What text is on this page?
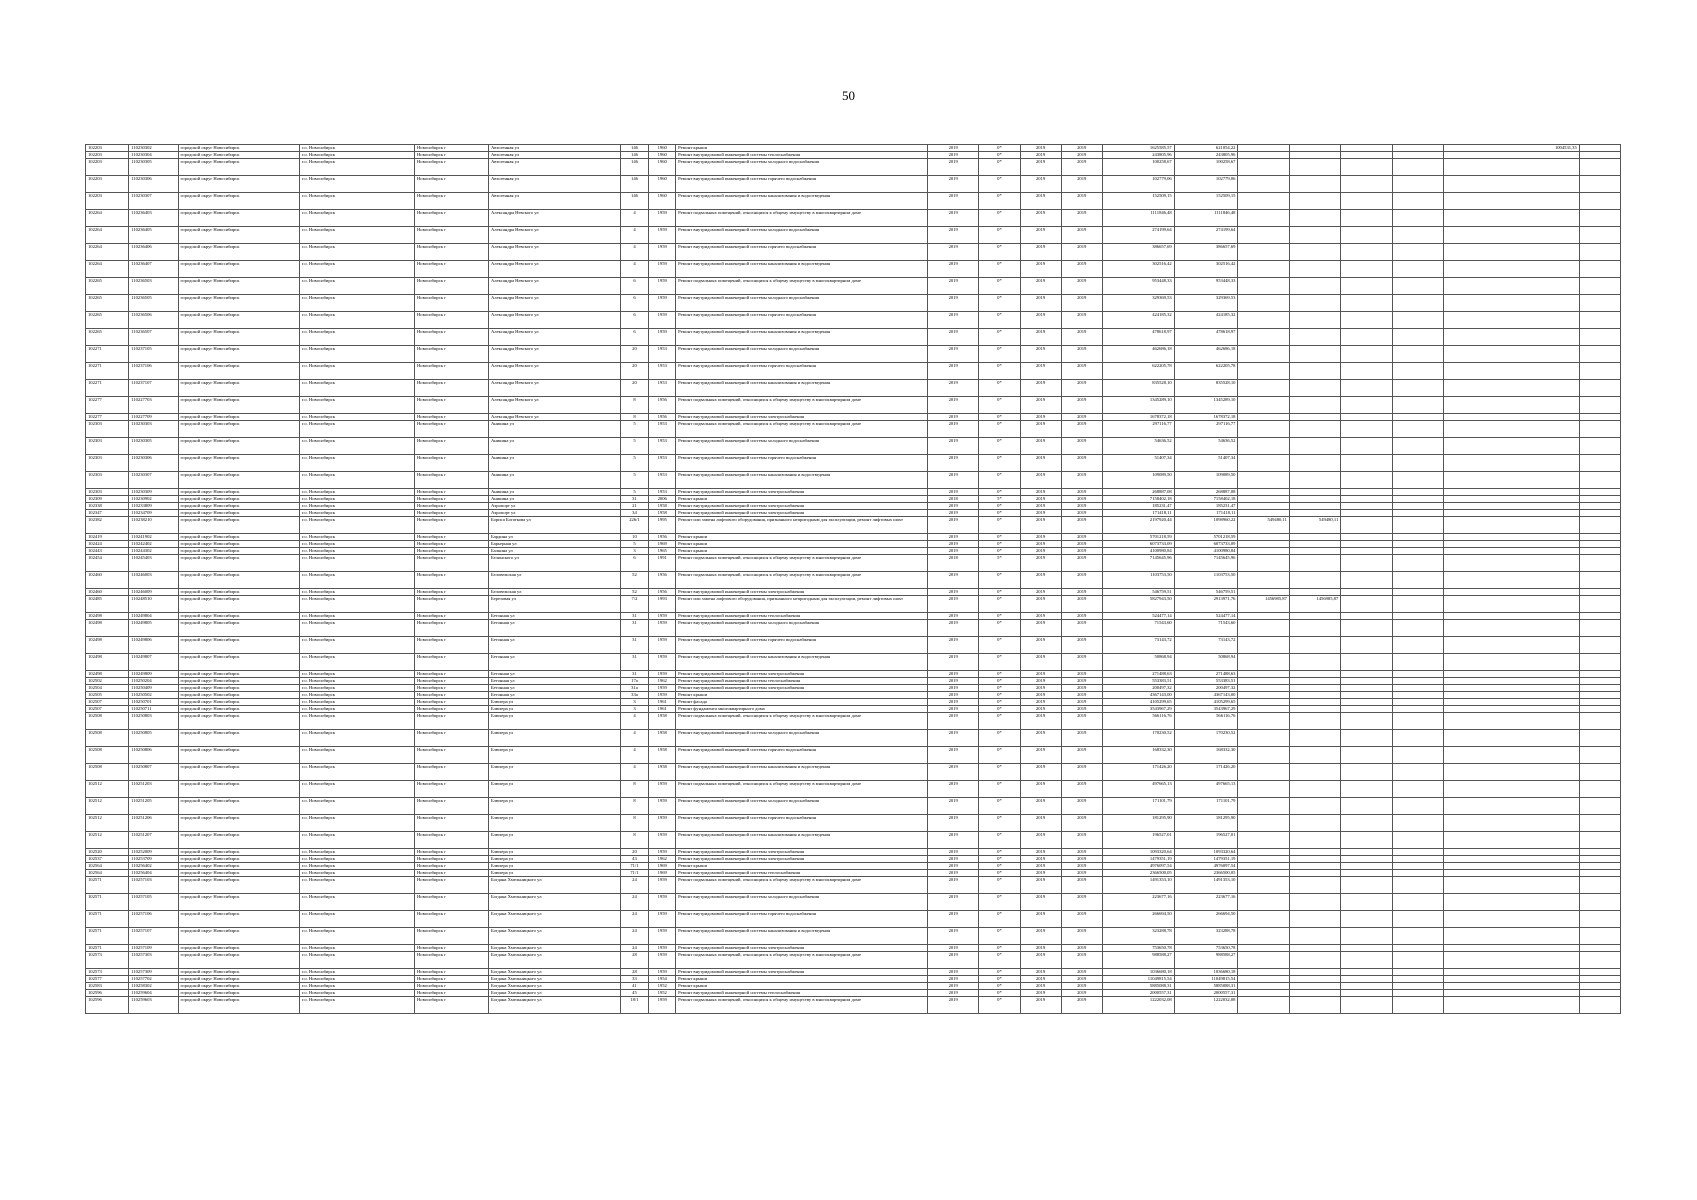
50
102203	110230302	городской округ Новосибирск	г.о. Новосибирск	Новосибирск г	Автогенная ул	146	1960	Ремонт крыши	2019	0*	2019	2019	1625585,57	621054,22					1004531,35	
102203	110230304	городской округ Новосибирск	г.о. Новосибирск	Новосибирск г	Автогенная ул	146	1960	Ремонт внутридомовой инженерной системы теплоснабжения	2019	0*	2019	2019	243805,96	243805,96						
102203	110230305	городской округ Новосибирск	г.о. Новосибирск	Новосибирск г	Автогенная ул	146	1960	Ремонт внутридомовой инженерной системы холодного водоснабжения	2019	0*	2019	2019	100258,67	100258,67						
102203	110230306	городской округ Новосибирск	г.о. Новосибирск	Новосибирск г	Автогенная ул	146	1960	Ремонт внутридомовой инженерной системы горячего водоснабжения	2019	0*	2019	2019	102779,06	102779,06						
102203	110230307	городской округ Новосибирск	г.о. Новосибирск	Новосибирск г	Автогенная ул	146	1960	Ремонт внутридомовой инженерной системы канализования и водоотведения	2019	0*	2019	2019	152509,15	152509,15						
102264	110236403	городской округ Новосибирск	г.о. Новосибирск	Новосибирск г	Александра Невского ул	4	1959	Ремонт подвальных помещений, относящихся к общему имуществу в многоквартирном доме	2019	0*	2019	2019	1111846,48	1111846,48						
102264	110236405	городской округ Новосибирск	г.о. Новосибирск	Новосибирск г	Александра Невского ул	4	1959	Ремонт внутридомовой инженерной системы холодного водоснабжения	2019	0*	2019	2019	274199,64	274199,64						
102264	110236406	городской округ Новосибирск	г.о. Новосибирск	Новосибирск г	Александра Невского ул	4	1959	Ремонт внутридомовой инженерной системы горячего водоснабжения	2019	0*	2019	2019	386657,69	386657,69						
102264	110236407	городской округ Новосибирск	г.о. Новосибирск	Новосибирск г	Александра Невского ул	4	1959	Ремонт внутридомовой инженерной системы канализования и водоотведения	2019	0*	2019	2019	302516,42	302516,42						
102265	110236503	городской округ Новосибирск	г.о. Новосибирск	Новосибирск г	Александра Невского ул	6	1959	Ремонт подвальных помещений, относящихся к общему имуществу в многоквартирном доме	2019	0*	2019	2019	953448,33	953448,33						
102265	110236505	городской округ Новосибирск	г.о. Новосибирск	Новосибирск г	Александра Невского ул	6	1959	Ремонт внутридомовой инженерной системы холодного водоснабжения	2019	0*	2019	2019	329369,53	329369,53						
102265	110236506	городской округ Новосибирск	г.о. Новосибирск	Новосибирск г	Александра Невского ул	6	1959	Ремонт внутридомовой инженерной системы горячего водоснабжения	2019	0*	2019	2019	424185,32	424185,32						
102265	110236507	городской округ Новосибирск	г.о. Новосибирск	Новосибирск г	Александра Невского ул	6	1959	Ремонт внутридомовой инженерной системы канализования и водоотведения	2019	0*	2019	2019	478618,97	478618,97						
102271	110237105	городской округ Новосибирск	г.о. Новосибирск	Новосибирск г	Александра Невского ул	20	1953	Ремонт внутридомовой инженерной системы холодного водоснабжения	2019	0*	2019	2019	462686,18	462686,18						
102271	110237106	городской округ Новосибирск	г.о. Новосибирск	Новосибирск г	Александра Невского ул	20	1953	Ремонт внутридомовой инженерной системы горячего водоснабжения	2019	0*	2019	2019	622205,78	622205,78						
102271	110237107	городской округ Новосибирск	г.о. Новосибирск	Новосибирск г	Александра Невского ул	20	1953	Ремонт внутридомовой инженерной системы канализования и водоотведения	2019	0*	2019	2019	835528,10	835528,10						
102277	110227703	городской округ Новосибирск	г.о. Новосибирск	Новосибирск г	Александра Невского ул	8	1956	Ремонт подвальных помещений, относящихся к общему имуществу в многоквартирном доме	2019	0*	2019	2019	1345289,10	1345289,10						
102277	110227709	городской округ Новосибирск	г.о. Новосибирск	Новосибирск г	Александра Невского ул	8	1956	Ремонт внутридомовой инженерной системы электроснабжения	2019	0*	2019	2019	1678372,18	1678372,18						
102303	110230303	городской округ Новосибирск	г.о. Новосибирск	Новосибирск г	Аникина ул	5	1953	Ремонт подвальных помещений, относящихся к общему имуществу в многоквартирном доме	2019	0*	2019	2019	297116,77	297116,77						
102303	110230305	городской округ Новосибирск	г.о. Новосибирск	Новосибирск г	Аникина ул	5	1953	Ремонт внутридомовой инженерной системы холодного водоснабжения	2019	0*	2019	2019	54636,52	54636,52						
102303	110230306	городской округ Новосибирск	г.о. Новосибирск	Новосибирск г	Аникина ул	5	1953	Ремонт внутридомовой инженерной системы горячего водоснабжения	2019	0*	2019	2019	51407,34	51407,34						
102303	110230307	городской округ Новосибирск	г.о. Новосибирск	Новосибирск г	Аникина ул	5	1953	Ремонт внутридомовой инженерной системы канализования и водоотведения	2019	0*	2019	2019	109089,50	109089,50						
102303	110230309	городской округ Новосибирск	г.о. Новосибирск	Новосибирск г	Аникина ул	5	1953	Ремонт внутридомовой инженерной системы электроснабжения	2019	0*	2019	2019	268887,08	268887,08						
102309	110230902	городской округ Новосибирск	г.о. Новосибирск	Новосибирск г	Аникина ул	31	2006	Ремонт крыши	2018	5*	2019	2019	7158402,18	7158402,18						
102338	110233809	городской округ Новосибирск	г.о. Новосибирск	Новосибирск г	Аэропорт ул	21	1958	Ремонт внутридомовой инженерной системы электроснабжения	2019	0*	2019	2019	185231,47	185231,47						
102347	110234709	городской округ Новосибирск	г.о. Новосибирск	Новосибирск г	Аэропорт ул	34	1958	Ремонт внутридомовой инженерной системы электроснабжения	2019	0*	2019	2019	171418,11	171418,11						
102382	110238210	городской округ Новосибирск	г.о. Новосибирск	Новосибирск г	Бориса Богаткова ул	226/1	1995	Ремонт или замена лифтового оборудования, признанного непригодным для эксплуатации, ремонт лифтовых шахт	2019	0*	2019	2019	2197920,44	1098960,22	549480,11	549480,11				
102419	110241902	городской округ Новосибирск	г.о. Новосибирск	Новосибирск г	Бардина ул	10	1956	Ремонт крыши	2019	0*	2019	2019	5701218,59	5701218,59						
102424	110242402	городской округ Новосибирск	г.о. Новосибирск	Новосибирск г	Барьерная ул	5	1969	Ремонт крыши	2019	0*	2019	2019	6073733,09	6073733,09						
102443	110244302	городской округ Новосибирск	г.о. Новосибирск	Новосибирск г	Балкина ул	3	1965	Ремонт крыши	2019	0*	2019	2019	4100980,84	4100980,84						
102454	110245403	городской округ Новосибирск	г.о. Новосибирск	Новосибирск г	Белинского ул	6	1991	Ремонт подвальных помещений, относящихся к общему имуществу в многоквартирном доме	2018	5*	2019	2019	7145645,96	7145645,96						
102460	110246003	городской округ Новосибирск	г.о. Новосибирск	Новосибирск г	Беловежская ул	52	1956	Ремонт подвальных помещений, относящихся к общему имуществу в многоквартирном доме	2019	0*	2019	2019	1103753,50	1103753,50						
102460	110246009	городской округ Новосибирск	г.о. Новосибирск	Новосибирск г	Беловежская ул	52	1956	Ремонт внутридомовой инженерной системы электроснабжения	2019	0*	2019	2019	546759,51	546759,51						
102485	110248510	городской округ Новосибирск	г.о. Новосибирск	Новосибирск г	Березовая ул	7/2	1993	Ремонт или замена лифтового оборудования, признанного непригодным для эксплуатации, ремонт лифтовых шахт	2019	0*	2019	2019	5827943,50	2913971,76	1456985,87	1456985,87				
102498	110249804	городской округ Новосибирск	г.о. Новосибирск	Новосибирск г	Бетонная ул	31	1959	Ремонт внутридомовой инженерной системы теплоснабжения	2019	0*	2019	2019	524477,14	524477,14						
102498	110249805	городской округ Новосибирск	г.о. Новосибирск	Новосибирск г	Бетонная ул	31	1959	Ремонт внутридомовой инженерной системы холодного водоснабжения	2019	0*	2019	2019	71543,60	71543,60						
102498	110249806	городской округ Новосибирск	г.о. Новосибирск	Новосибирск г	Бетонная ул	31	1959	Ремонт внутридомовой инженерной системы горячего водоснабжения	2019	0*	2019	2019	73143,72	73143,72						
102498	110249807	городской округ Новосибирск	г.о. Новосибирск	Новосибирск г	Бетонная ул	31	1959	Ремонт внутридомовой инженерной системы канализования и водоотведения	2019	0*	2019	2019	50868,94	50868,94						
102498	110249809	городской округ Новосибирск	г.о. Новосибирск	Новосибирск г	Бетонная ул	31	1959	Ремонт внутридомовой инженерной системы электроснабжения	2019	0*	2019	2019	271488,63	271488,63						
102502	110250204	городской округ Новосибирск	г.о. Новосибирск	Новосибирск г	Бетонная ул	17а	1962	Ремонт внутридомовой инженерной системы теплоснабжения	2019	0*	2019	2019	553383,51	553383,51						
102504	110250409	городской округ Новосибирск	г.о. Новосибирск	Новосибирск г	Бетонная ул	31а	1959	Ремонт внутридомовой инженерной системы электроснабжения	2019	0*	2019	2019	200497,32	200497,32						
102505	110250502	городской округ Новосибирск	г.о. Новосибирск	Новосибирск г	Бетонная ул	33а	1959	Ремонт крыши	2019	0*	2019	2019	4367143,00	4367143,00						
102507	110250701	городской округ Новосибирск	г.о. Новосибирск	Новосибирск г	Блюхера ул	3	1961	Ремонт фасада	2019	0*	2019	2019	4105299,65	4105299,65						
102507	110250711	городской округ Новосибирск	г.о. Новосибирск	Новосибирск г	Блюхера ул	3	1961	Ремонт фундамента многоквартирного дома	2019	0*	2019	2019	3543967,29	3543967,29						
102508	110250803	городской округ Новосибирск	г.о. Новосибирск	Новосибирск г	Блюхера ул	4	1958	Ремонт подвальных помещений, относящихся к общему имуществу в многоквартирном доме	2019	0*	2019	2019	566116,76	566116,76						
102508	110250805	городской округ Новосибирск	г.о. Новосибирск	Новосибирск г	Блюхера ул	4	1958	Ремонт внутридомовой инженерной системы холодного водоснабжения	2019	0*	2019	2019	170230,52	170230,52						
102508	110250806	городской округ Новосибирск	г.о. Новосибирск	Новосибирск г	Блюхера ул	4	1958	Ремонт внутридомовой инженерной системы горячего водоснабжения	2019	0*	2019	2019	168332,30	168332,30						
102508	110250807	городской округ Новосибирск	г.о. Новосибирск	Новосибирск г	Блюхера ул	4	1958	Ремонт внутридомовой инженерной системы канализования и водоотведения	2019	0*	2019	2019	171426,20	171426,20						
102512	110251203	городской округ Новосибирск	г.о. Новосибирск	Новосибирск г	Блюхера ул	8	1959	Ремонт подвальных помещений, относящихся к общему имуществу в многоквартирном доме	2019	0*	2019	2019	497665,13	497665,13						
102512	110251205	городской округ Новосибирск	г.о. Новосибирск	Новосибирск г	Блюхера ул	8	1959	Ремонт внутридомовой инженерной системы холодного водоснабжения	2019	0*	2019	2019	171101,79	171101,79						
102512	110251206	городской округ Новосибирск	г.о. Новосибирск	Новосибирск г	Блюхера ул	8	1959	Ремонт внутридомовой инженерной системы горячего водоснабжения	2019	0*	2019	2019	181295,90	181295,90						
102512	110251207	городской округ Новосибирск	г.о. Новосибирск	Новосибирск г	Блюхера ул	8	1959	Ремонт внутридомовой инженерной системы канализования и водоотведения	2019	0*	2019	2019	196527,01	196527,01						
102520	110252009	городской округ Новосибирск	г.о. Новосибирск	Новосибирск г	Блюхера ул	20	1959	Ремонт внутридомовой инженерной системы электроснабжения	2019	0*	2019	2019	1093320,64	1093320,64						
102537	110253709	городской округ Новосибирск	г.о. Новосибирск	Новосибирск г	Блюхера ул	43	1962	Ремонт внутридомовой инженерной системы электроснабжения	2019	0*	2019	2019	1479351,19	1479351,19						
102564	110256402	городской округ Новосибирск	г.о. Новосибирск	Новосибирск г	Блюхера ул	71/1	1969	Ремонт крыши	2019	0*	2019	2019	4976097,54	4976097,54						
102564	110256404	городской округ Новосибирск	г.о. Новосибирск	Новосибирск г	Блюхера ул	71/1	1969	Ремонт внутридомовой инженерной системы теплоснабжения	2019	0*	2019	2019	2366500,05	2366500,05						
102571	110257103	городской округ Новосибирск	г.о. Новосибирск	Новосибирск г	Богдана Хмельницкого ул	24	1959	Ремонт подвальных помещений, относящихся к общему имуществу в многоквартирном доме	2019	0*	2019	2019	1491353,10	1491353,10						
102571	110257105	городской округ Новосибирск	г.о. Новосибирск	Новосибирск г	Богдана Хмельницкого ул	24	1959	Ремонт внутридомовой инженерной системы холодного водоснабжения	2019	0*	2019	2019	223677,16	223677,16						
102571	110257106	городской округ Новосибирск	г.о. Новосибирск	Новосибирск г	Богдана Хмельницкого ул	24	1959	Ремонт внутридомовой инженерной системы горячего водоснабжения	2019	0*	2019	2019	266694,50	266694,50						
102571	110257107	городской округ Новосибирск	г.о. Новосибирск	Новосибирск г	Богдана Хмельницкого ул	24	1959	Ремонт внутридомовой инженерной системы канализования и водоотведения	2019	0*	2019	2019	323288,78	323288,78						
102571	110257109	городской округ Новосибирск	г.о. Новосибирск	Новосибирск г	Богдана Хмельницкого ул	24	1959	Ремонт внутридомовой инженерной системы электроснабжения	2019	0*	2019	2019	753650,78	753650,78						
102573	110257303	городской округ Новосибирск	г.о. Новосибирск	Новосибирск г	Богдана Хмельницкого ул	28	1959	Ремонт подвальных помещений, относящихся к общему имуществу в многоквартирном доме	2019	0*	2019	2019	988588,27	988588,27						
102573	110257309	городской округ Новосибирск	г.о. Новосибирск	Новосибирск г	Богдана Хмельницкого ул	28	1959	Ремонт внутридомовой инженерной системы электроснабжения	2019	0*	2019	2019	1036680,18	1036680,18						
102577	110257702	городской округ Новосибирск	г.о. Новосибирск	Новосибирск г	Богдана Хмельницкого ул	33	1954	Ремонт крыши	2019	0*	2019	2019	11049815,54	11049815,54						
102583	110258302	городской округ Новосибирск	г.о. Новосибирск	Новосибирск г	Богдана Хмельницкого ул	41	1952	Ремонт крыши	2019	0*	2019	2019	5885088,31	5885088,31						
102596	110259604	городской округ Новосибирск	г.о. Новосибирск	Новосибирск г	Богдана Хмельницкого ул	45	1952	Ремонт внутридомовой инженерной системы теплоснабжения	2019	0*	2019	2019	2000557,31	2000557,31						
102596	110259603	городской округ Новосибирск	г.о. Новосибирск	Новосибирск г	Богдана Хмельницкого ул	18/1	1959	Ремонт подвальных помещений, относящихся к общему имуществу в многоквартирном доме	2019	0*	2019	2019	1222032,08	1222032,08						
